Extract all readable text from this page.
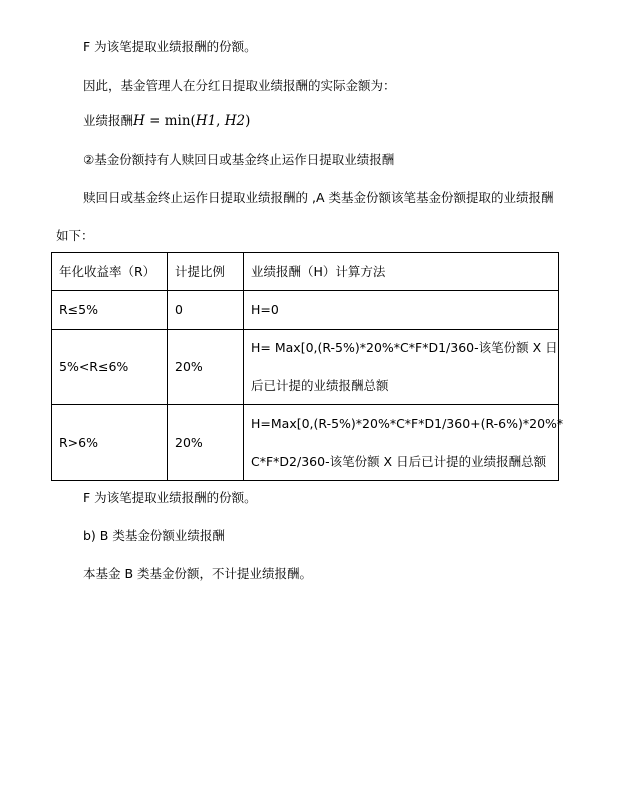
F 为该笔提取业绩报酬的份额。
因此，基金管理人在分红日提取业绩报酬的实际金额为：
业绩报酬H = min(H1, H2)
②基金份额持有人赎回日或基金终止运作日提取业绩报酬
赎回日或基金终止运作日提取业绩报酬的 ,A 类基金份额该笔基金份额提取的业绩报酬
如下：
年化收益率（R）	计提比例	业绩报酬（H）计算方法
R≤5%	0	H=0

5%<R≤6%	20%	H= Max[0,(R-5%)*20%*C*F*D1/360-该笔份额 X 日
后已计提的业绩报酬总额

R>6%	20%	H=Max[0,(R-5%)*20%*C*F*D1/360+(R-6%)*20%*
C*F*D2/360-该笔份额 X 日后已计提的业绩报酬总额
F 为该笔提取业绩报酬的份额。
b) B 类基金份额业绩报酬
本基金 B 类基金份额，不计提业绩报酬。
